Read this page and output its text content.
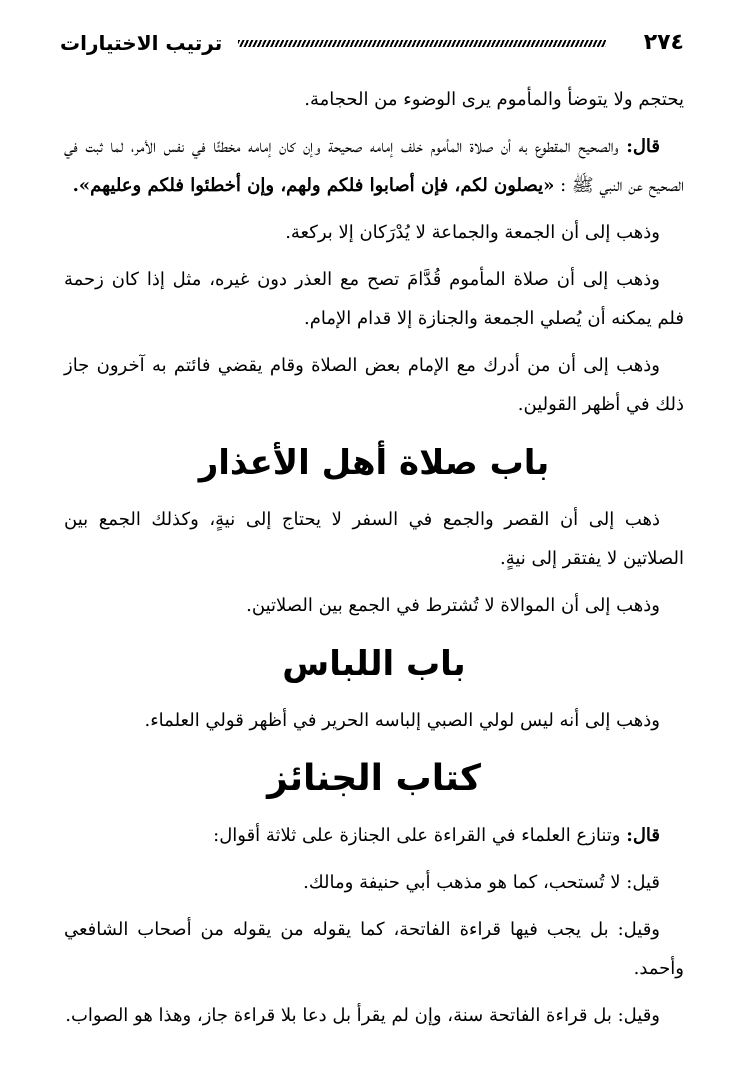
٢٧٤
ترتيب الاختيارات

يحتجم ولا يتوضأ والمأموم يرى الوضوء من الحجامة.

قال: والصحيح المقطوع به أن صلاة المأموم خلف إمامه صحيحة وإن كان إمامه مخطئًا في نفس الأمر، لما ثبت في الصحيح عن النبي ﷺ : «يصلون لكم، فإن أصابوا فلكم ولهم، وإن أخطئوا فلكم وعليهم».

وذهب إلى أن الجمعة والجماعة لا يُدْرَكان إلا بركعة.

وذهب إلى أن صلاة المأموم قُدَّامَ تصح مع العذر دون غيره، مثل إذا كان زحمة فلم يمكنه أن يُصلي الجمعة والجنازة إلا قدام الإمام.

وذهب إلى أن من أدرك مع الإمام بعض الصلاة وقام يقضي فائتم به آخرون جاز ذلك في أظهر القولين.

باب صلاة أهل الأعذار

ذهب إلى أن القصر والجمع في السفر لا يحتاج إلى نيةٍ، وكذلك الجمع بين الصلاتين لا يفتقر إلى نيةٍ.

وذهب إلى أن الموالاة لا تُشترط في الجمع بين الصلاتين.

باب اللباس

وذهب إلى أنه ليس لولي الصبي إلباسه الحرير في أظهر قولي العلماء.

كتاب الجنائز

قال: وتنازع العلماء في القراءة على الجنازة على ثلاثة أقوال:

قيل: لا تُستحب، كما هو مذهب أبي حنيفة ومالك.

وقيل: بل يجب فيها قراءة الفاتحة، كما يقوله من يقوله من أصحاب الشافعي وأحمد.

وقيل: بل قراءة الفاتحة سنة، وإن لم يقرأ بل دعا بلا قراءة جاز، وهذا هو الصواب.
